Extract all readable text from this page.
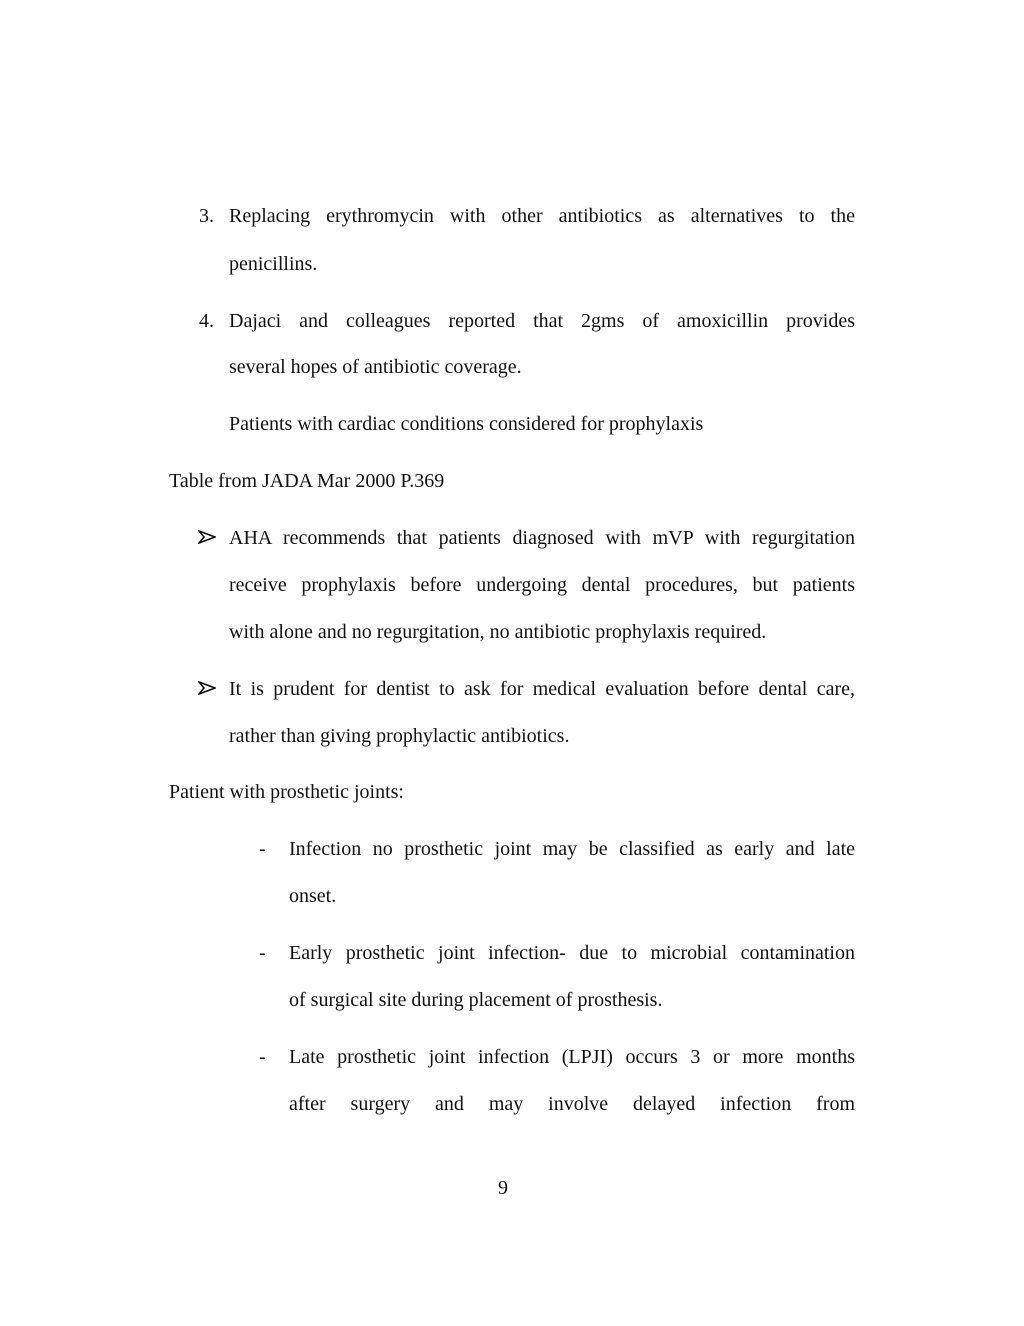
3. Replacing erythromycin with other antibiotics as alternatives to the
penicillins.
4. Dajaci and colleagues reported that 2gms of amoxicillin provides
several hopes of antibiotic coverage.
Patients with cardiac conditions considered for prophylaxis
Table from JADA Mar 2000 P.369
AHA recommends that patients diagnosed with mVP with regurgitation
receive prophylaxis before undergoing dental procedures, but patients
with alone and no regurgitation, no antibiotic prophylaxis required.
It is prudent for dentist to ask for medical evaluation before dental care,
rather than giving prophylactic antibiotics.
Patient with prosthetic joints:
- Infection no prosthetic joint may be classified as early and late
onset.
- Early prosthetic joint infection- due to microbial contamination
of surgical site during placement of prosthesis.
- Late prosthetic joint infection (LPJI) occurs 3 or more months
after surgery and may involve delayed infection from
9
